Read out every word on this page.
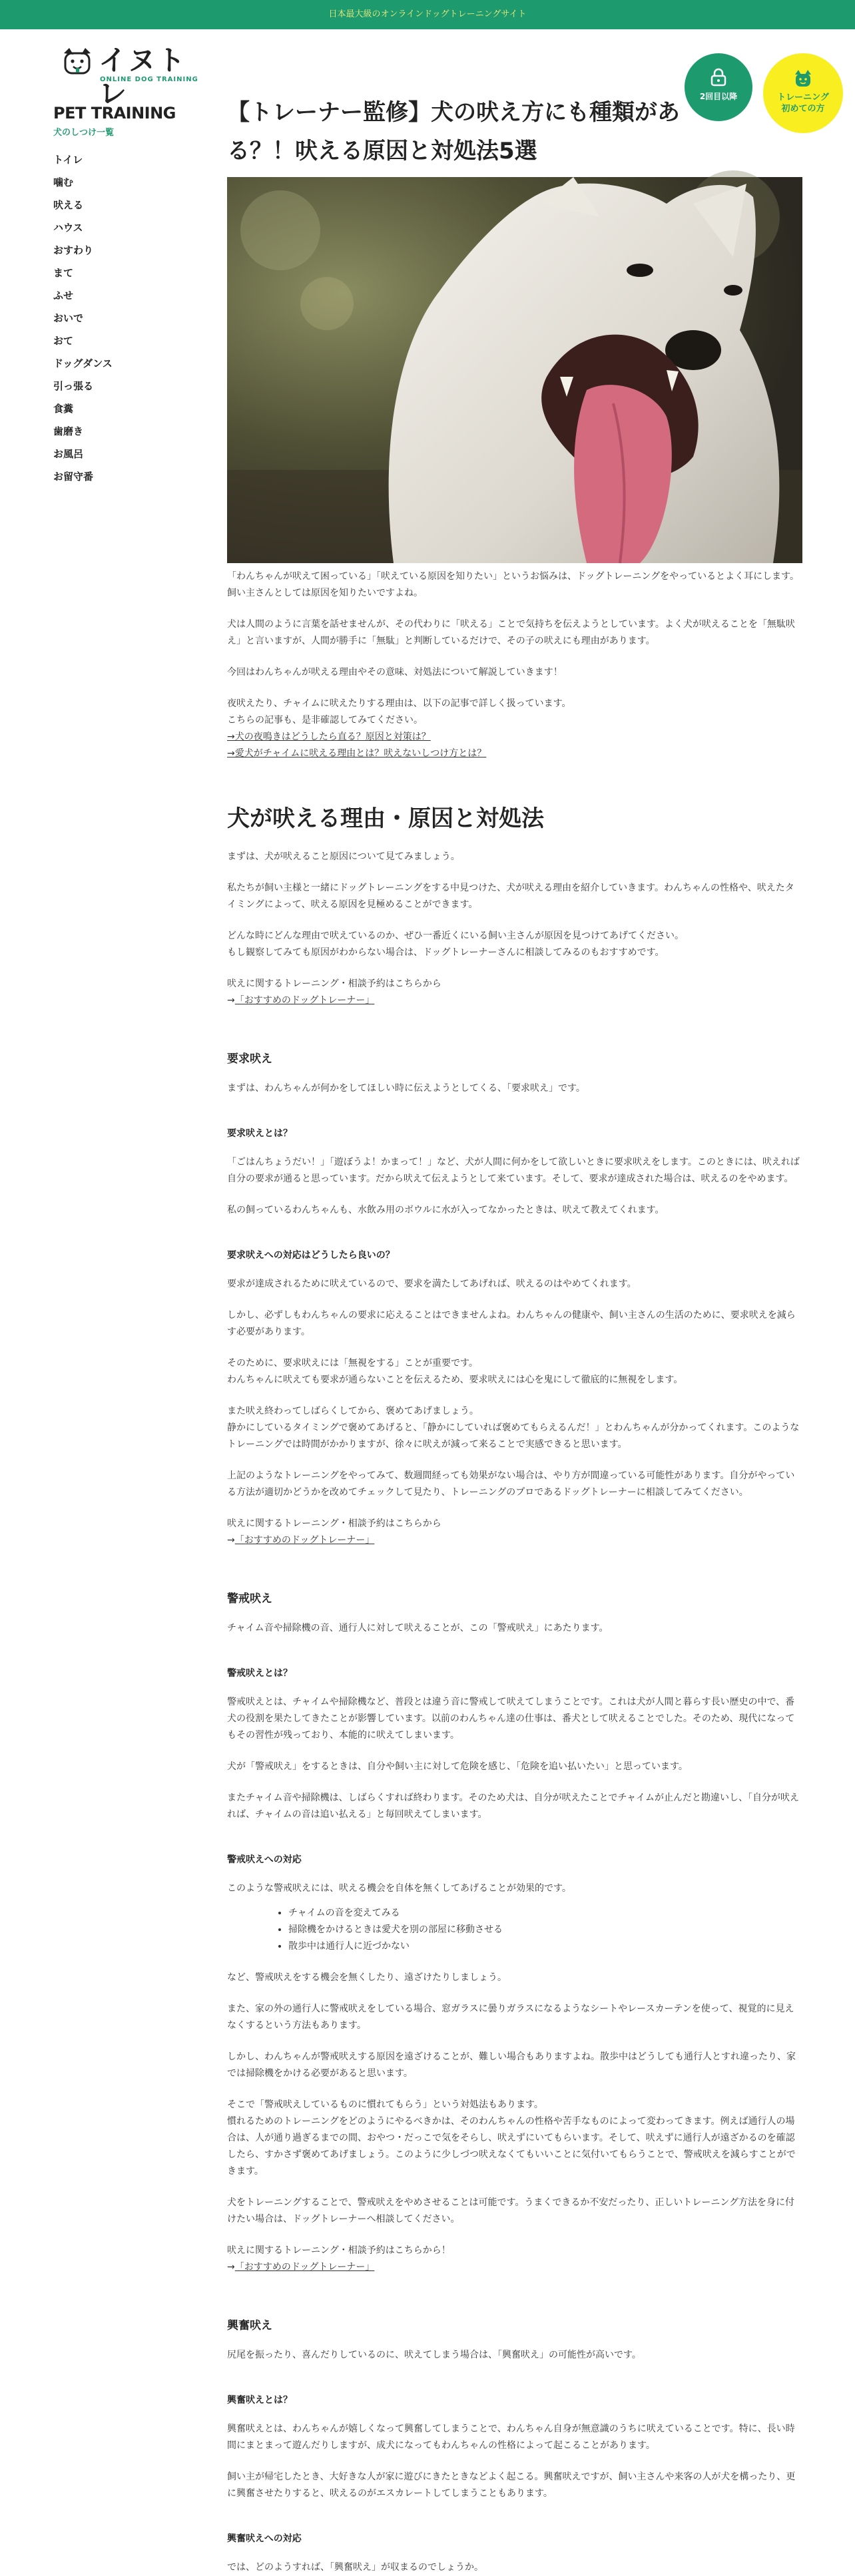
日本最大級のオンラインドッグトレーニングサイト
イヌトレ
ONLINE DOG TRAINING
2回目以降	トレーニング
初めての方
PET TRAINING
犬のしつけ一覧
トイレ
噛む
吠える
ハウス
おすわり
まて
ふせ
おいで
おて
ドッグダンス
引っ張る
食糞
歯磨き
お風呂
お留守番
【トレーナー監修】犬の吠え方にも種類がある？！吠える原因と対処法5選

「わんちゃんが吠えて困っている」「吠えている原因を知りたい」というお悩みは、ドッグトレーニングをやっているとよく耳にします。飼い主さんとしては原因を知りたいですよね。

犬は人間のように言葉を話せませんが、その代わりに「吠える」ことで気持ちを伝えようとしています。よく犬が吠えることを「無駄吠え」と言いますが、人間が勝手に「無駄」と判断しているだけで、その子の吠えにも理由があります。

今回はわんちゃんが吠える理由やその意味、対処法について解説していきます！

夜吠えたり、チャイムに吠えたりする理由は、以下の記事で詳しく扱っています。
こちらの記事も、是非確認してみてください。
→犬の夜鳴きはどうしたら直る？原因と対策は？
→愛犬がチャイムに吠える理由とは？吠えないしつけ方とは？
犬が吠える理由・原因と対処法

まずは、犬が吠えること原因について見てみましょう。

私たちが飼い主様と一緒にドッグトレーニングをする中見つけた、犬が吠える理由を紹介していきます。わんちゃんの性格や、吠えたタイミングによって、吠える原因を見極めることができます。

どんな時にどんな理由で吠えているのか、ぜひ一番近くにいる飼い主さんが原因を見つけてあげてください。
もし観察してみても原因がわからない場合は、ドッグトレーナーさんに相談してみるのもおすすめです。
吠えに関するトレーニング・相談予約はこちらから
→「おすすめのドッグトレーナー」
要求吠え

まずは、わんちゃんが何かをしてほしい時に伝えようとしてくる、「要求吠え」です。

要求吠えとは？

「ごはんちょうだい！」「遊ぼうよ！かまって！」など、犬が人間に何かをして欲しいときに要求吠えをします。このときには、吠えれば自分の要求が通ると思っています。だから吠えて伝えようとして来ています。そして、要求が達成された場合は、吠えるのをやめます。

私の飼っているわんちゃんも、水飲み用のボウルに水が入ってなかったときは、吠えて教えてくれます。

要求吠えへの対応はどうしたら良いの？

要求が達成されるために吠えているので、要求を満たしてあげれば、吠えるのはやめてくれます。

しかし、必ずしもわんちゃんの要求に応えることはできませんよね。わんちゃんの健康や、飼い主さんの生活のために、要求吠えを減らす必要があります。

そのために、要求吠えには「無視をする」ことが重要です。
わんちゃんに吠えても要求が通らないことを伝えるため、要求吠えには心を鬼にして徹底的に無視をします。
また吠え終わってしばらくしてから、褒めてあげましょう。
静かにしているタイミングで褒めてあげると、「静かにしていれば褒めてもらえるんだ！」とわんちゃんが分かってくれます。このようなトレーニングでは時間がかかりますが、徐々に吠えが減って来ることで実感できると思います。

上記のようなトレーニングをやってみて、数週間経っても効果がない場合は、やり方が間違っている可能性があります。自分がやっている方法が適切かどうかを改めてチェックして見たり、トレーニングのプロであるドッグトレーナーに相談してみてください。

吠えに関するトレーニング・相談予約はこちらから
→「おすすめのドッグトレーナー」
警戒吠え

チャイム音や掃除機の音、通行人に対して吠えることが、この「警戒吠え」にあたります。

警戒吠えとは？

警戒吠えとは、チャイムや掃除機など、普段とは違う音に警戒して吠えてしまうことです。これは犬が人間と暮らす長い歴史の中で、番犬の役割を果たしてきたことが影響しています。以前のわんちゃん達の仕事は、番犬として吠えることでした。そのため、現代になってもその習性が残っており、本能的に吠えてしまいます。

犬が「警戒吠え」をするときは、自分や飼い主に対して危険を感じ、「危険を追い払いたい」と思っています。

またチャイム音や掃除機は、しばらくすれば終わります。そのため犬は、自分が吠えたことでチャイムが止んだと勘違いし、「自分が吠えれば、チャイムの音は追い払える」と毎回吠えてしまいます。

警戒吠えへの対応

このような警戒吠えには、吠える機会を自体を無くしてあげることが効果的です。

• チャイムの音を変えてみる
• 掃除機をかけるときは愛犬を別の部屋に移動させる
• 散歩中は通行人に近づかない

など、警戒吠えをする機会を無くしたり、遠ざけたりしましょう。

また、家の外の通行人に警戒吠えをしている場合、窓ガラスに曇りガラスになるようなシートやレースカーテンを使って、視覚的に見えなくするという方法もあります。

しかし、わんちゃんが警戒吠えする原因を遠ざけることが、難しい場合もありますよね。散歩中はどうしても通行人とすれ違ったり、家では掃除機をかける必要があると思います。

そこで「警戒吠えしているものに慣れてもらう」という対処法もあります。
慣れるためのトレーニングをどのようにやるべきかは、そのわんちゃんの性格や苦手なものによって変わってきます。例えば通行人の場合は、人が通り過ぎるまでの間、おやつ・だっこで気をそらし、吠えずにいてもらいます。そして、吠えずに通行人が遠ざかるのを確認したら、すかさず褒めてあげましょう。このように少しづつ吠えなくてもいいことに気付いてもらうことで、警戒吠えを減らすことができます。

犬をトレーニングすることで、警戒吠えをやめさせることは可能です。うまくできるか不安だったり、正しいトレーニング方法を身に付けたい場合は、ドッグトレーナーへ相談してください。

吠えに関するトレーニング・相談予約はこちらから！
→「おすすめのドッグトレーナー」
興奮吠え

尻尾を振ったり、喜んだりしているのに、吠えてしまう場合は、「興奮吠え」の可能性が高いです。

興奮吠えとは？

興奮吠えとは、わんちゃんが嬉しくなって興奮してしまうことで、わんちゃん自身が無意識のうちに吠えていることです。特に、長い時間にまとまって遊んだりしますが、成犬になってもわんちゃんの性格によって起こることがあります。

飼い主が帰宅したとき、大好きな人が家に遊びにきたときなどよく起こる。興奮吠えですが、飼い主さんや来客の人が犬を構ったり、更に興奮させたりすると、吠えるのがエスカレートしてしまうこともあります。

興奮吠えへの対応

では、どのようすれば、「興奮吠え」が収まるのでしょうか。
